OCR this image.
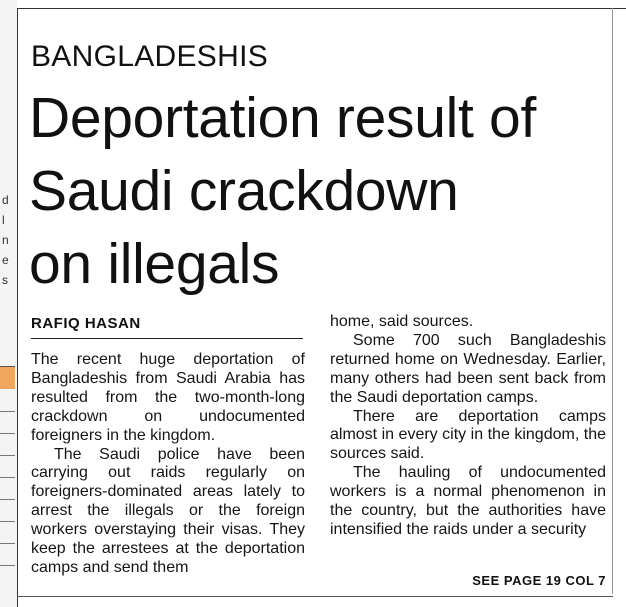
d
l
n
e
s
BANGLADESHIS
Deportation result of
Saudi crackdown
on illegals
RAFIQ HASAN

The recent huge deportation of Bangladeshis from Saudi Arabia has resulted from the two-month-long crackdown on undocumented foreigners in the kingdom.

The Saudi police have been carrying out raids regularly on foreigners-dominated areas lately to arrest the illegals or the foreign workers overstaying their visas. They keep the arrestees at the deportation camps and send them

home, said sources.

Some 700 such Bangladeshis returned home on Wednesday. Earlier, many others had been sent back from the Saudi deportation camps.

There are deportation camps almost in every city in the kingdom, the sources said.

The hauling of undocumented workers is a normal phenomenon in the country, but the authorities have intensified the raids under a security

SEE PAGE 19 COL 7
